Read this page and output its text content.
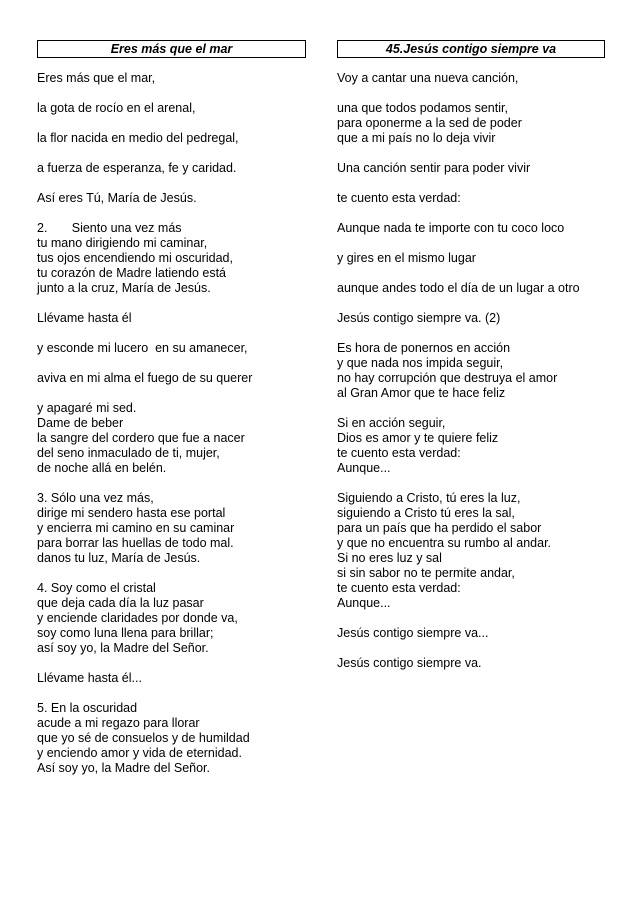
Eres más que el mar
Eres más que el mar,
la gota de rocío en el arenal,
la flor nacida en medio del pedregal,
a fuerza de esperanza, fe y caridad.
Así eres Tú, María de Jesús.
2.       Siento una vez más
tu mano dirigiendo mi caminar,
tus ojos encendiendo mi oscuridad,
tu corazón de Madre latiendo está
junto a la cruz, María de Jesús.
Llévame hasta él
y esconde mi lucero  en su amanecer,
aviva en mi alma el fuego de su querer
y apagaré mi sed.
Dame de beber
la sangre del cordero que fue a nacer
del seno inmaculado de ti, mujer,
de noche allá en belén.
3. Sólo una vez más,
dirige mi sendero hasta ese portal
y encierra mi camino en su caminar
para borrar las huellas de todo mal.
danos tu luz, María de Jesús.
4. Soy como el cristal
que deja cada día la luz pasar
y enciende claridades por donde va,
soy como luna llena para brillar;
así soy yo, la Madre del Señor.
Llévame hasta él...
5. En la oscuridad
acude a mi regazo para llorar
que yo sé de consuelos y de humildad
y enciendo amor y vida de eternidad.
Así soy yo, la Madre del Señor.
45.Jesús contigo siempre va
Voy a cantar una nueva canción,
una que todos podamos sentir,
para oponerme a la sed de poder
que a mi país no lo deja vivir
Una canción sentir para poder vivir
te cuento esta verdad:
Aunque nada te importe con tu coco loco
y gires en el mismo lugar
aunque andes todo el día de un lugar a otro
Jesús contigo siempre va. (2)
Es hora de ponernos en acción
y que nada nos impida seguir,
no hay corrupción que destruya el amor
al Gran Amor que te hace feliz
Si en acción seguir,
Dios es amor y te quiere feliz
te cuento esta verdad:
Aunque...
Siguiendo a Cristo, tú eres la luz,
siguiendo a Cristo tú eres la sal,
para un país que ha perdido el sabor
y que no encuentra su rumbo al andar.
Si no eres luz y sal
si sin sabor no te permite andar,
te cuento esta verdad:
Aunque...
Jesús contigo siempre va...
Jesús contigo siempre va.
